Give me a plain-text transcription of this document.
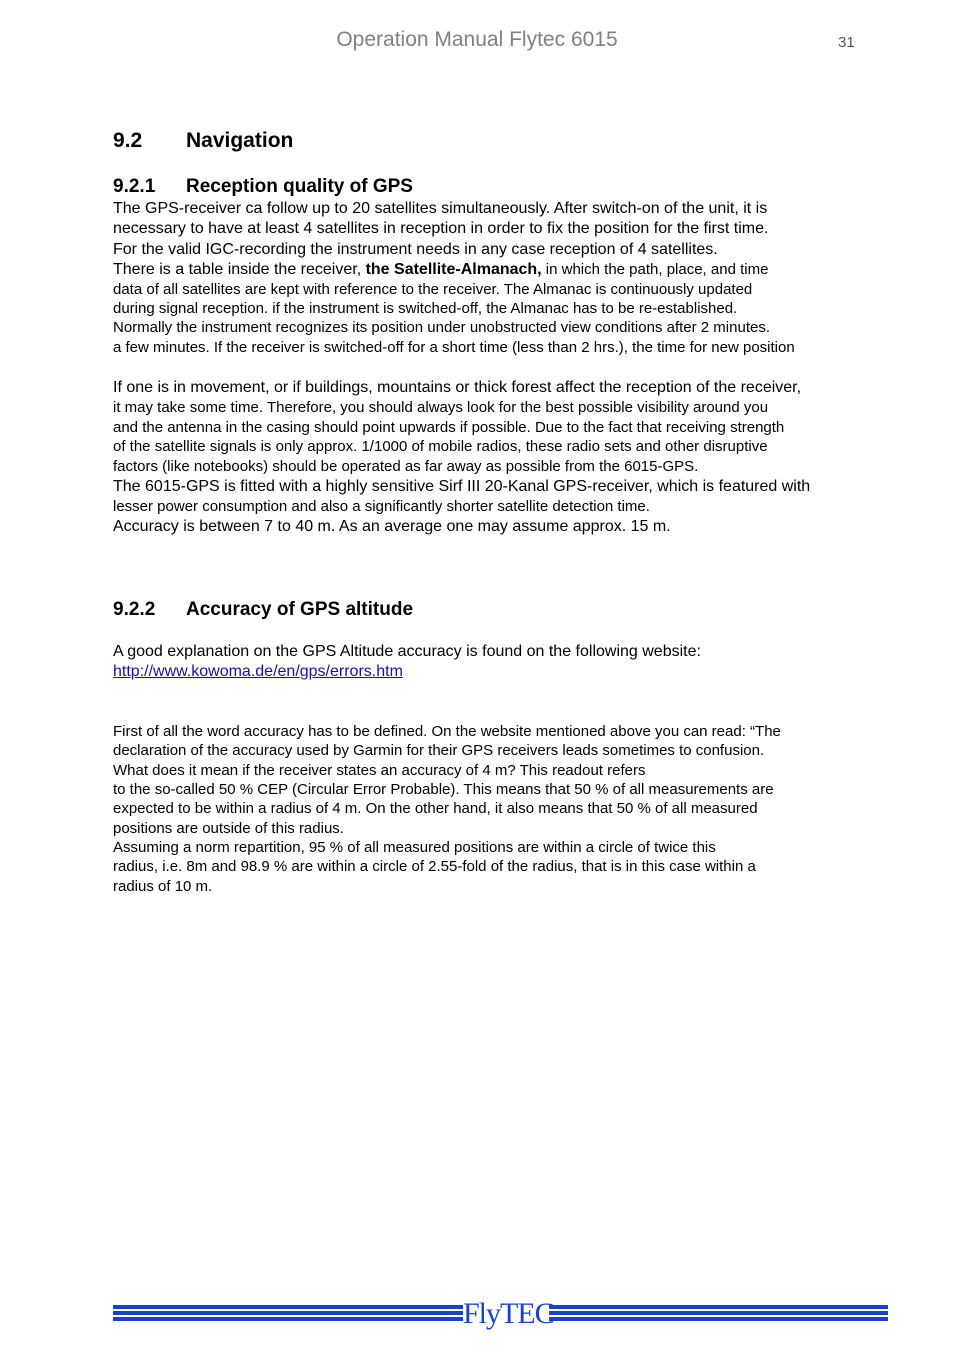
Operation Manual Flytec 6015	31
9.2 Navigation
9.2.1 Reception quality of GPS
The GPS-receiver ca follow up to 20 satellites simultaneously. After switch-on of the unit, it is
necessary to have at least 4 satellites in reception in order to fix the position for the first time.
For the valid IGC-recording the instrument needs in any case reception of 4 satellites.
There is a table inside the receiver, the Satellite-Almanach, in which the path, place, and time
data of all satellites are kept with reference to the receiver. The Almanac is continuously updated
during signal reception. if the instrument is switched-off, the Almanac has to be re-established.
Normally the instrument recognizes its position under unobstructed view conditions after 2 minutes.
a few minutes. If the receiver is switched-off for a short time (less than 2 hrs.), the time for new position
If one is in movement, or if buildings, mountains or thick forest affect the reception of the receiver,
it may take some time. Therefore, you should always look for the best possible visibility around you
and the antenna in the casing should point upwards if possible. Due to the fact that receiving strength
of the satellite signals is only approx. 1/1000 of mobile radios, these radio sets and other disruptive
factors (like notebooks) should be operated as far away as possible from the 6015-GPS.
The 6015-GPS is fitted with a highly sensitive Sirf III 20-Kanal GPS-receiver, which is featured with
lesser power consumption and also a significantly shorter satellite detection time.
Accuracy is between 7 to 40 m. As an average one may assume approx. 15 m.
9.2.2 Accuracy of GPS altitude
A good explanation on the GPS Altitude accuracy is found on the following website:
http://www.kowoma.de/en/gps/errors.htm
First of all the word accuracy has to be defined. On the website mentioned above you can read: “The
declaration of the accuracy used by Garmin for their GPS receivers leads sometimes to confusion.
What does it mean if the receiver states an accuracy of 4 m? This readout refers
to the so-called 50 % CEP (Circular Error Probable). This means that 50 % of all measurements are
expected to be within a radius of 4 m. On the other hand, it also means that 50 % of all measured
positions are outside of this radius.
Assuming a norm repartition, 95 % of all measured positions are within a circle of twice this
radius, i.e. 8m and 98.9 % are within a circle of 2.55-fold of the radius, that is in this case within a
radius of 10 m.
FlyTEC
